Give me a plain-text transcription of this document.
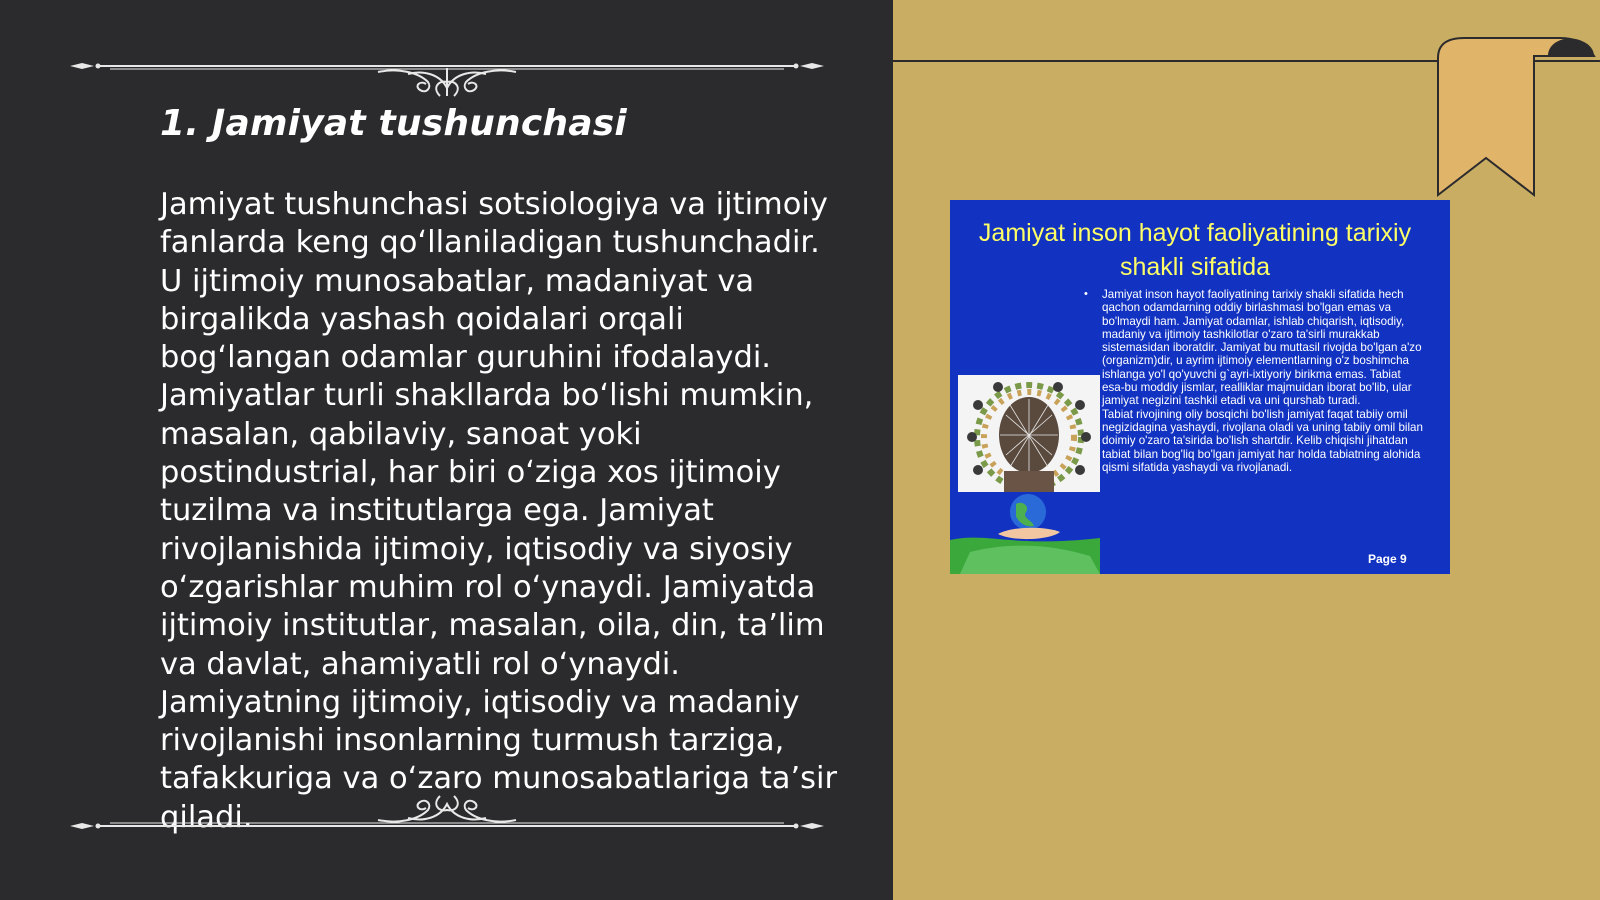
1. Jamiyat tushunchasi

Jamiyat tushunchasi sotsiologiya va ijtimoiy fanlarda keng qo‘llaniladigan tushunchadir. U ijtimoiy munosabatlar, madaniyat va birgalikda yashash qoidalari orqali bog‘langan odamlar guruhini ifodalaydi. Jamiyatlar turli shakllarda bo‘lishi mumkin, masalan, qabilaviy, sanoat yoki postindustrial, har biri o‘ziga xos ijtimoiy tuzilma va institutlarga ega. Jamiyat rivojlanishida ijtimoiy, iqtisodiy va siyosiy o‘zgarishlar muhim rol o‘ynaydi. Jamiyatda ijtimoiy institutlar, masalan, oila, din, ta’lim va davlat, ahamiyatli rol o‘ynaydi. Jamiyatning ijtimoiy, iqtisodiy va madaniy rivojlanishi insonlarning turmush tarziga, tafakkuriga va o‘zaro munosabatlariga ta’sir qiladi.

Jamiyat inson hayot faoliyatining tarixiy shakli sifatida
• Jamiyat inson hayot faoliyatining tarixiy shakli sifatida hech qachon odamdarning oddiy birlashmasi bo'lgan emas va bo'lmaydi ham. Jamiyat odamlar, ishlab chiqarish, iqtisodiy, madaniy va ijtimoiy tashkilotlar o'zaro ta'sirli murakkab sistemasidan iboratdir. Jamiyat bu muttasil rivojda bo'lgan a'zo (organizm)dir, u ayrim ijtimoiy elementlarning o'z boshimcha ishlanga yo'l qo'yuvchi g`ayri-ixtiyoriy birikma emas. Tabiat esa-bu moddiy jismlar, realliklar majmuidan iborat bo'lib, ular jamiyat negizini tashkil etadi va uni qurshab turadi.

Tabiat rivojining oliy bosqichi bo'lish jamiyat faqat tabiiy omil negizidagina yashaydi, rivojlana oladi va uning tabiiy omil bilan doimiy o'zaro ta'sirida bo'lish shartdir. Kelib chiqishi jihatdan tabiat bilan bog'liq bo'lgan jamiyat har holda tabiatning alohida qismi sifatida yashaydi va rivojlanadi.

Page 9
